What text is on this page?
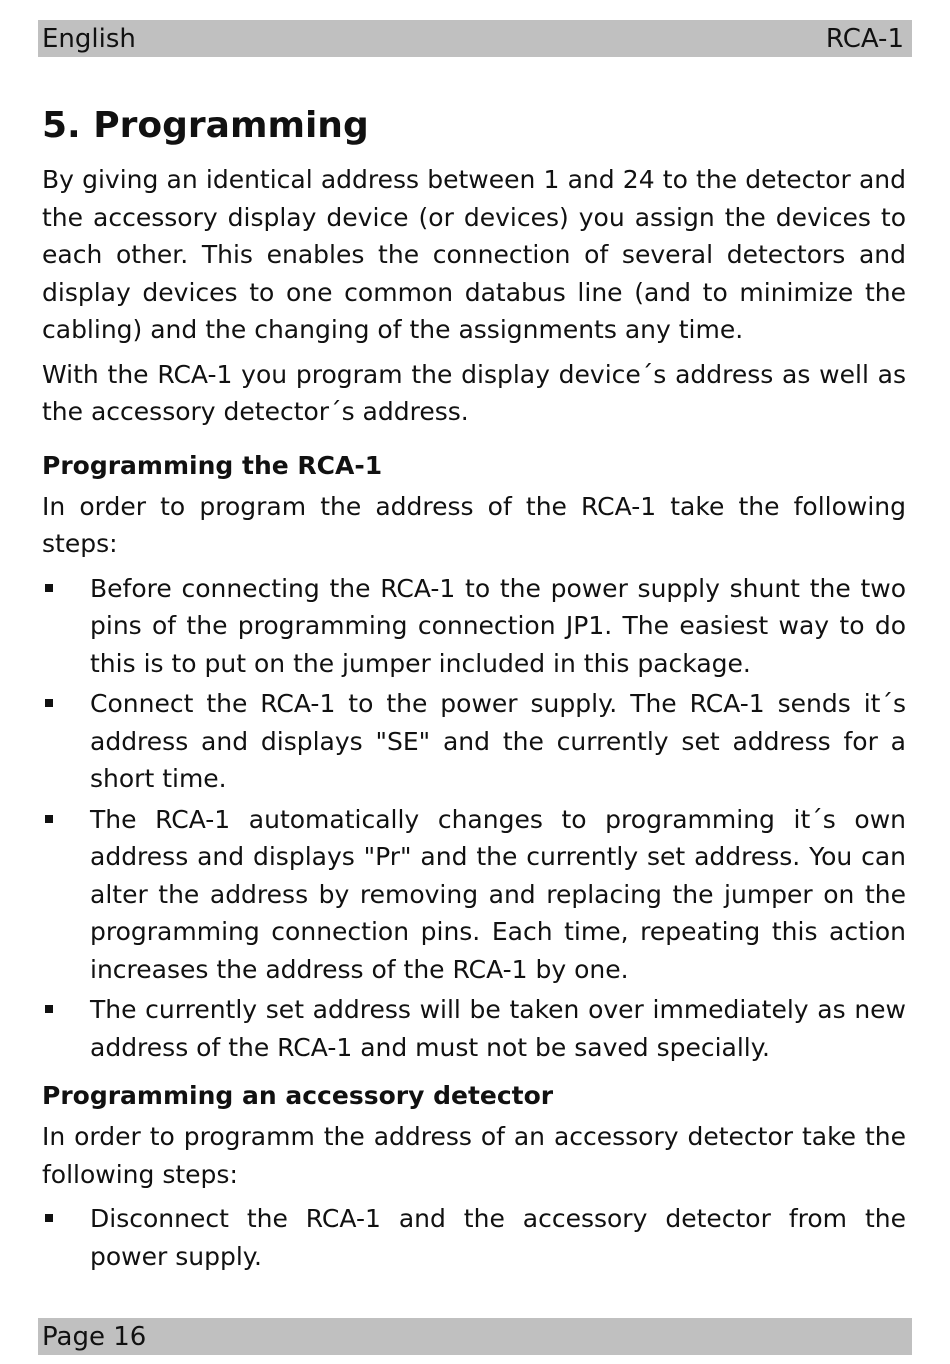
English	RCA-1
5. Programming

By giving an identical address between 1 and 24 to the detector and the accessory display device (or devices) you assign the devices to each other. This enables the connection of several detectors and display devices to one common databus line (and to minimize the cabling) and the changing of the assignments any time.

With the RCA-1 you program the display device´s address as well as the accessory detector´s address.

Programming the RCA-1

In order to program the address of the RCA-1 take the following steps:

Before connecting the RCA-1 to the power supply shunt the two pins of the programming connection JP1. The easiest way to do this is to put on the jumper included in this package.
Connect the RCA-1 to the power supply. The RCA-1 sends it´s address and displays "SE" and the currently set address for a short time.
The RCA-1 automatically changes to programming it´s own address and displays "Pr" and the currently set address. You can alter the address by removing and replacing the jumper on the programming connection pins. Each time, repeating this action increases the address of the RCA-1 by one.
The currently set address will be taken over immediately as new address of the RCA-1 and must not be saved specially.
Programming an accessory detector

In order to programm the address of an accessory detector take the following steps:

Disconnect the RCA-1 and the accessory detector from the power supply.
Page 16
